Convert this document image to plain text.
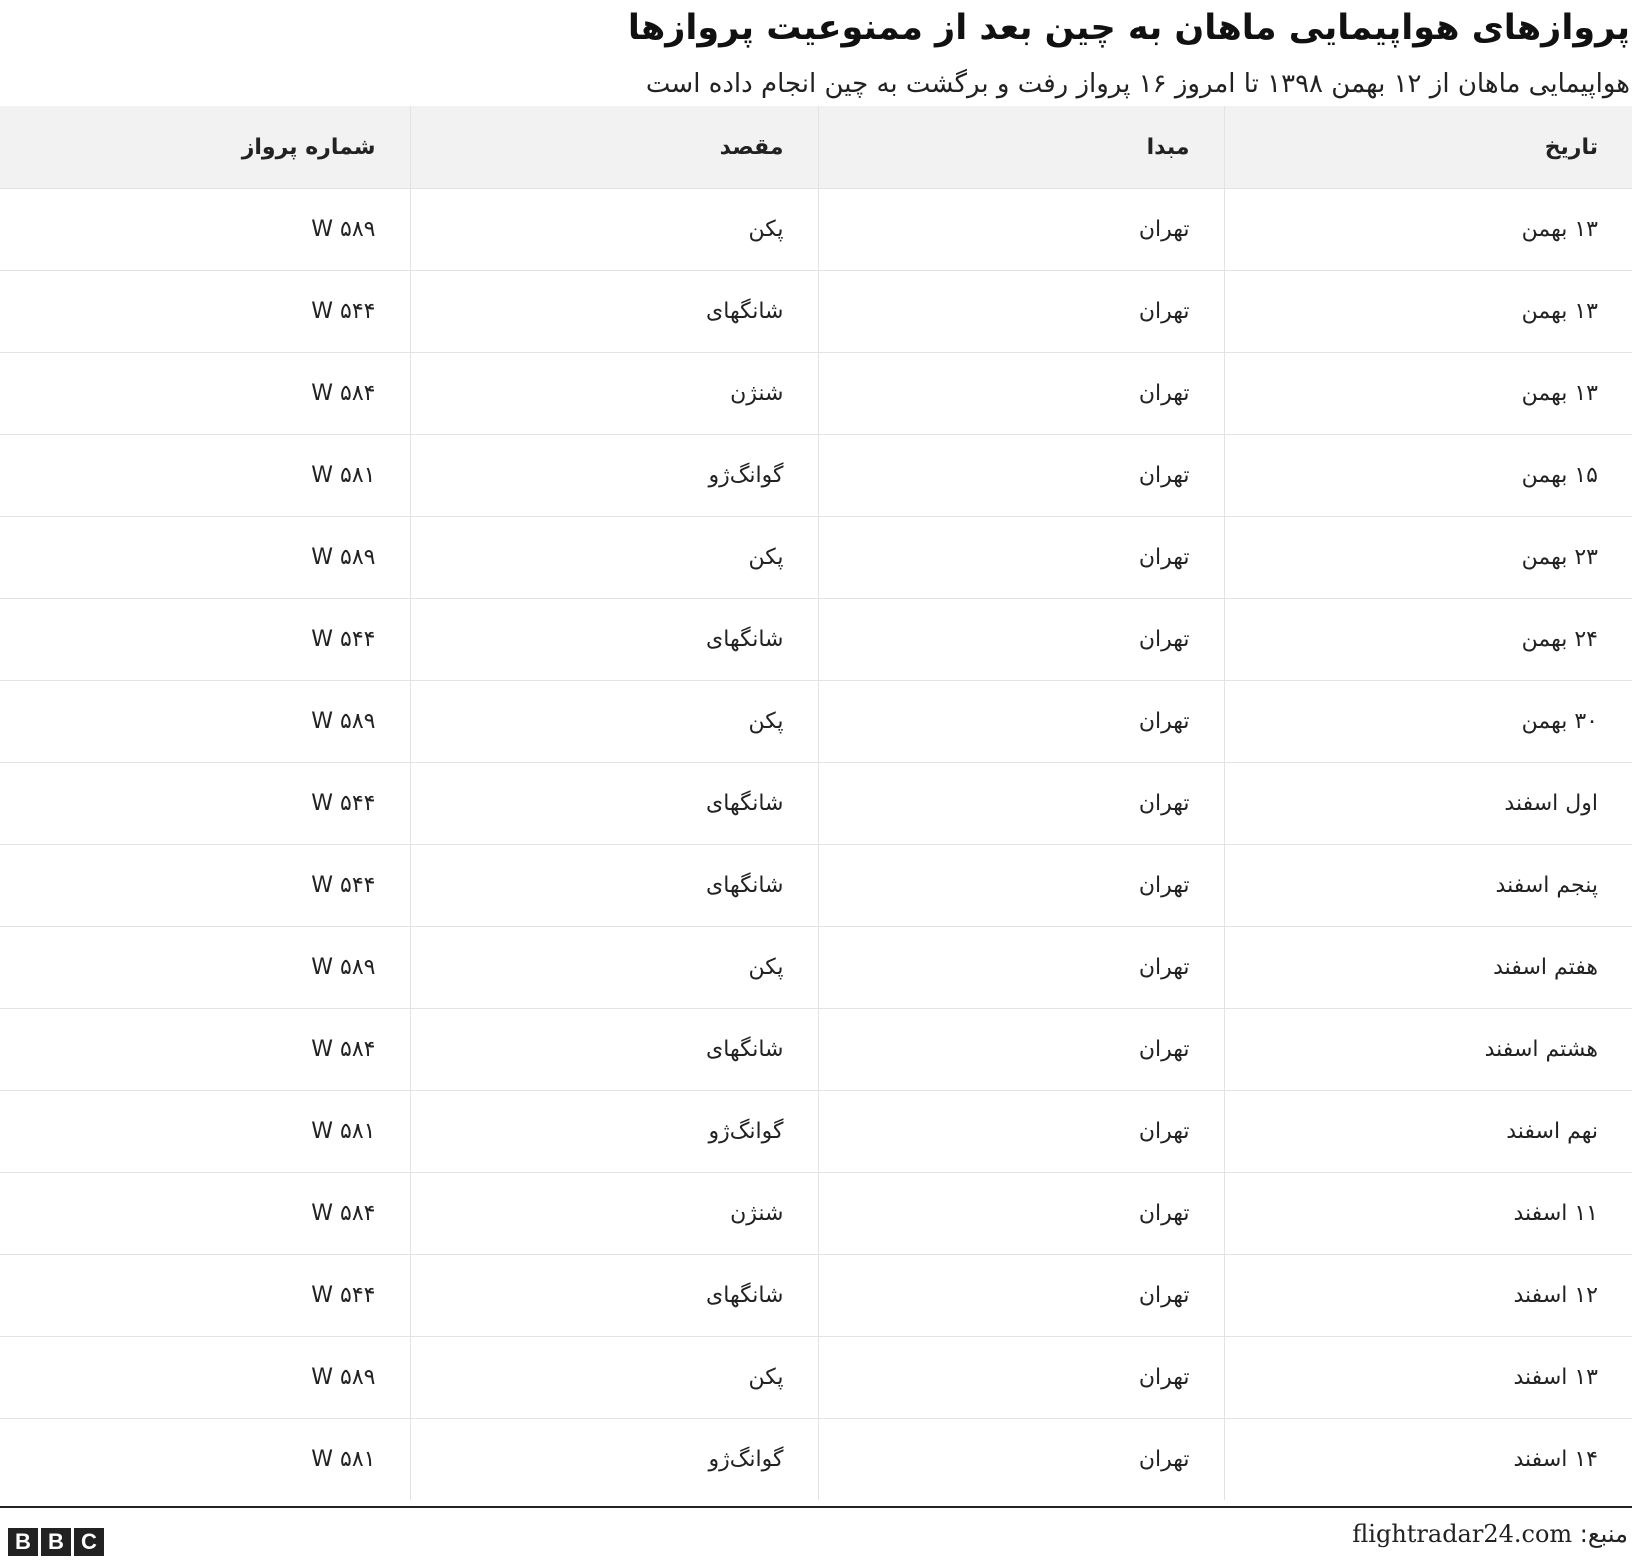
پروازهای هواپیمایی ماهان به چین بعد از ممنوعیت پروازها
هواپیمایی ماهان از ۱۲ بهمن ۱۳۹۸ تا امروز ۱۶ پرواز رفت و برگشت به چین انجام داده است
تاریخ	مبدا	مقصد	شماره پرواز
۱۳ بهمن	تهران	پکن	W ۵۸۹
۱۳ بهمن	تهران	شانگهای	W ۵۴۴
۱۳ بهمن	تهران	شنژن	W ۵۸۴
۱۵ بهمن	تهران	گوانگ‌ژو	W ۵۸۱
۲۳ بهمن	تهران	پکن	W ۵۸۹
۲۴ بهمن	تهران	شانگهای	W ۵۴۴
۳۰ بهمن	تهران	پکن	W ۵۸۹
اول اسفند	تهران	شانگهای	W ۵۴۴
پنجم اسفند	تهران	شانگهای	W ۵۴۴
هفتم اسفند	تهران	پکن	W ۵۸۹
هشتم اسفند	تهران	شانگهای	W ۵۸۴
نهم اسفند	تهران	گوانگ‌ژو	W ۵۸۱
۱۱ اسفند	تهران	شنژن	W ۵۸۴
۱۲ اسفند	تهران	شانگهای	W ۵۴۴
۱۳ اسفند	تهران	پکن	W ۵۸۹
۱۴ اسفند	تهران	گوانگ‌ژو	W ۵۸۱
منبع: flightradar24.com
B B C
